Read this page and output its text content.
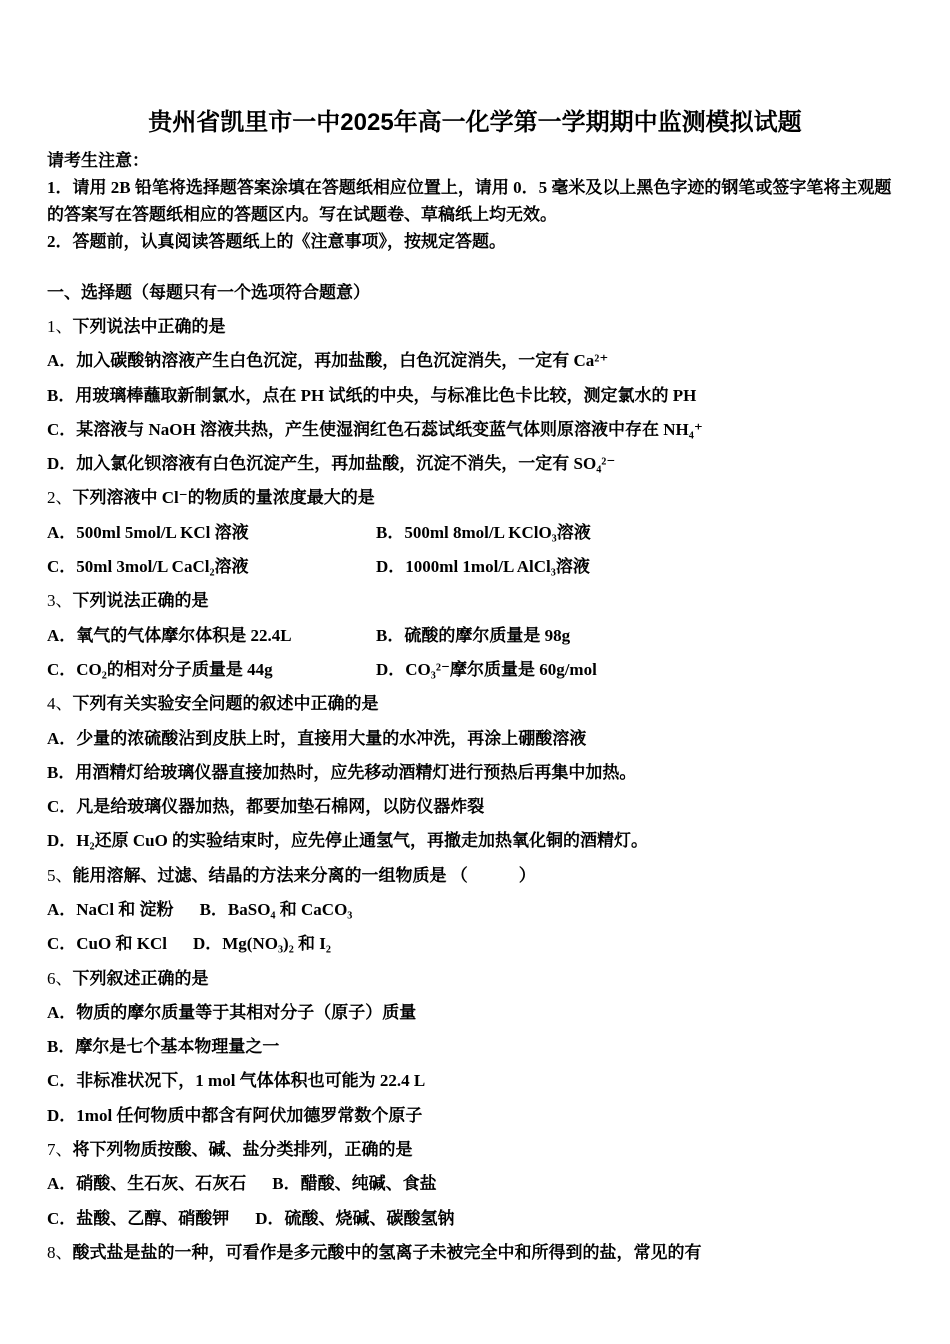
贵州省凯里市一中2025年高一化学第一学期期中监测模拟试题
请考生注意：
1．请用 2B 铅笔将选择题答案涂填在答题纸相应位置上，请用 0．5 毫米及以上黑色字迹的钢笔或签字笔将主观题的答案写在答题纸相应的答题区内。写在试题卷、草稿纸上均无效。
2．答题前，认真阅读答题纸上的《注意事项》，按规定答题。
一、选择题（每题只有一个选项符合题意）
1、 下列说法中正确的是
A．加入碳酸钠溶液产生白色沉淀，再加盐酸，白色沉淀消失，一定有 Ca²⁺
B．用玻璃棒蘸取新制氯水，点在 PH 试纸的中央，与标准比色卡比较，测定氯水的 PH
C．某溶液与 NaOH 溶液共热，产生使湿润红色石蕊试纸变蓝气体则原溶液中存在 NH₄⁺
D．加入氯化钡溶液有白色沉淀产生，再加盐酸，沉淀不消失，一定有 SO₄²⁻
2、 下列溶液中 Cl⁻的物质的量浓度最大的是
A．500ml 5mol/L KCl 溶液	B．500ml 8mol/L KClO₃溶液
C．50ml 3mol/L CaCl₂溶液	D．1000ml 1mol/L AlCl₃溶液
3、 下列说法正确的是
A．氧气的气体摩尔体积是 22.4L	B．硫酸的摩尔质量是 98g
C．CO₂的相对分子质量是 44g	D．CO₃²⁻摩尔质量是 60g/mol
4、 下列有关实验安全问题的叙述中正确的是
A．少量的浓硫酸沾到皮肤上时，直接用大量的水冲洗，再涂上硼酸溶液
B．用酒精灯给玻璃仪器直接加热时，应先移动酒精灯进行预热后再集中加热。
C．凡是给玻璃仪器加热，都要加垫石棉网，以防仪器炸裂
D．H₂还原 CuO 的实验结束时，应先停止通氢气，再撤走加热氧化铜的酒精灯。
5、 能用溶解、过滤、结晶的方法来分离的一组物质是 （　　　）
A．NaCl 和 淀粉 B．BaSO₄ 和 CaCO₃
C．CuO 和 KCl D．Mg(NO₃)₂ 和 I₂
6、 下列叙述正确的是
A．物质的摩尔质量等于其相对分子（原子）质量
B．摩尔是七个基本物理量之一
C．非标准状况下，1 mol 气体体积也可能为 22.4 L
D．1mol 任何物质中都含有阿伏加德罗常数个原子
7、 将下列物质按酸、碱、盐分类排列，正确的是
A．硝酸、生石灰、石灰石 B．醋酸、纯碱、食盐
C．盐酸、乙醇、硝酸钾 D．硫酸、烧碱、碳酸氢钠
8、 酸式盐是盐的一种，可看作是多元酸中的氢离子未被完全中和所得到的盐，常见的有
